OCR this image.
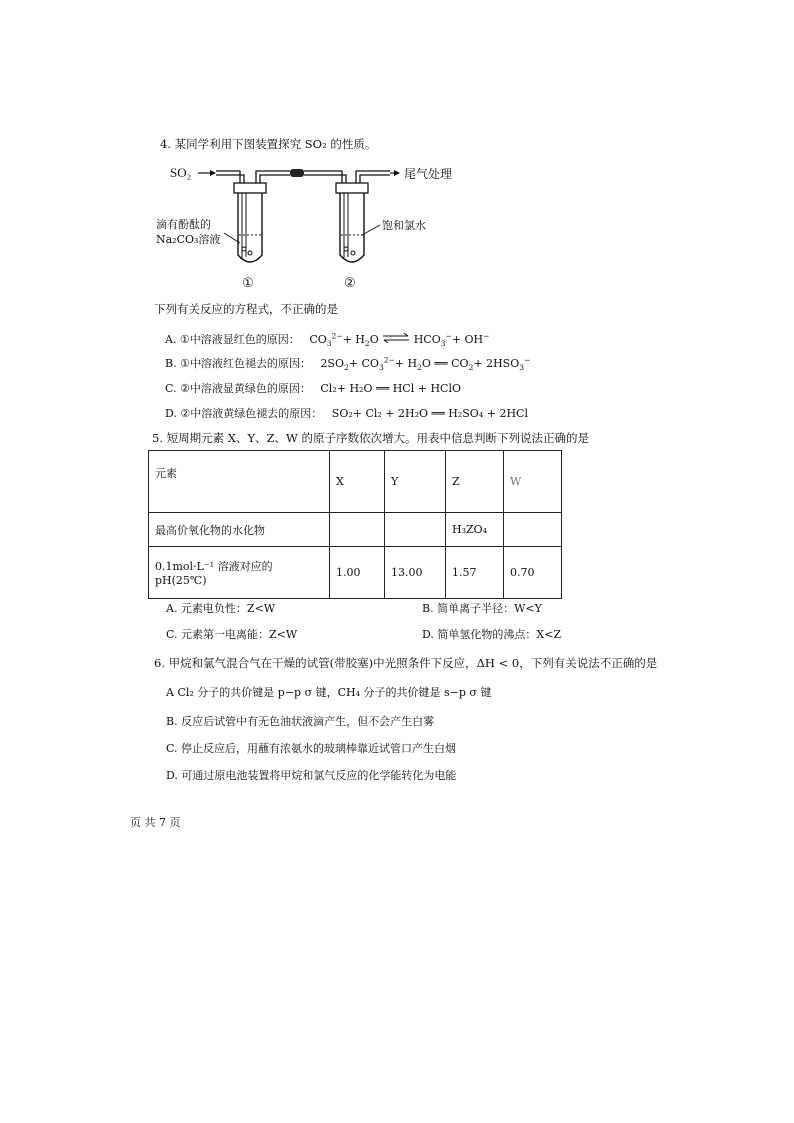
4. 某同学利用下图装置探究 SO₂ 的性质。
SO₂	尾气处理
①	②
滴有酚酞的
Na₂CO₃溶液
饱和氯水
下列有关反应的方程式，不正确的是
A. ①中溶液显红色的原因： $CO_3^{2-}+ H_2O$	$HCO_3^-+ OH^-$
B. ①中溶液红色褪去的原因： $2SO_2+ CO_3^{2-}+ H_2O$ ══ $CO_2+ 2HSO_3^-$
C. ②中溶液显黄绿色的原因： Cl₂+ H₂O ══ HCl + HClO
D. ②中溶液黄绿色褪去的原因： SO₂+ Cl₂ + 2H₂O ══ H₂SO₄ + 2HCl
5. 短周期元素 X、Y、Z、W 的原子序数依次增大。用表中信息判断下列说法正确的是
元素	X	Y	Z	W
最高价氧化物的水化物			H₃ZO₄	
0.1mol·L⁻¹ 溶液对应的 pH(25℃)	1.00	13.00	1.57	0.70
A. 元素电负性：Z<W	B. 简单离子半径：W<Y
C. 元素第一电离能：Z<W	D. 简单氢化物的沸点：X<Z
6. 甲烷和氯气混合气在干燥的试管(带胶塞)中光照条件下反应，ΔH < 0，下列有关说法不正确的是
A Cl₂ 分子的共价键是 p−p σ 键，CH₄ 分子的共价键是 s−p σ 键
B. 反应后试管中有无色油状液滴产生，但不会产生白雾
C. 停止反应后，用蘸有浓氨水的玻璃棒靠近试管口产生白烟
D. 可通过原电池装置将甲烷和氯气反应的化学能转化为电能
页 共 7 页
